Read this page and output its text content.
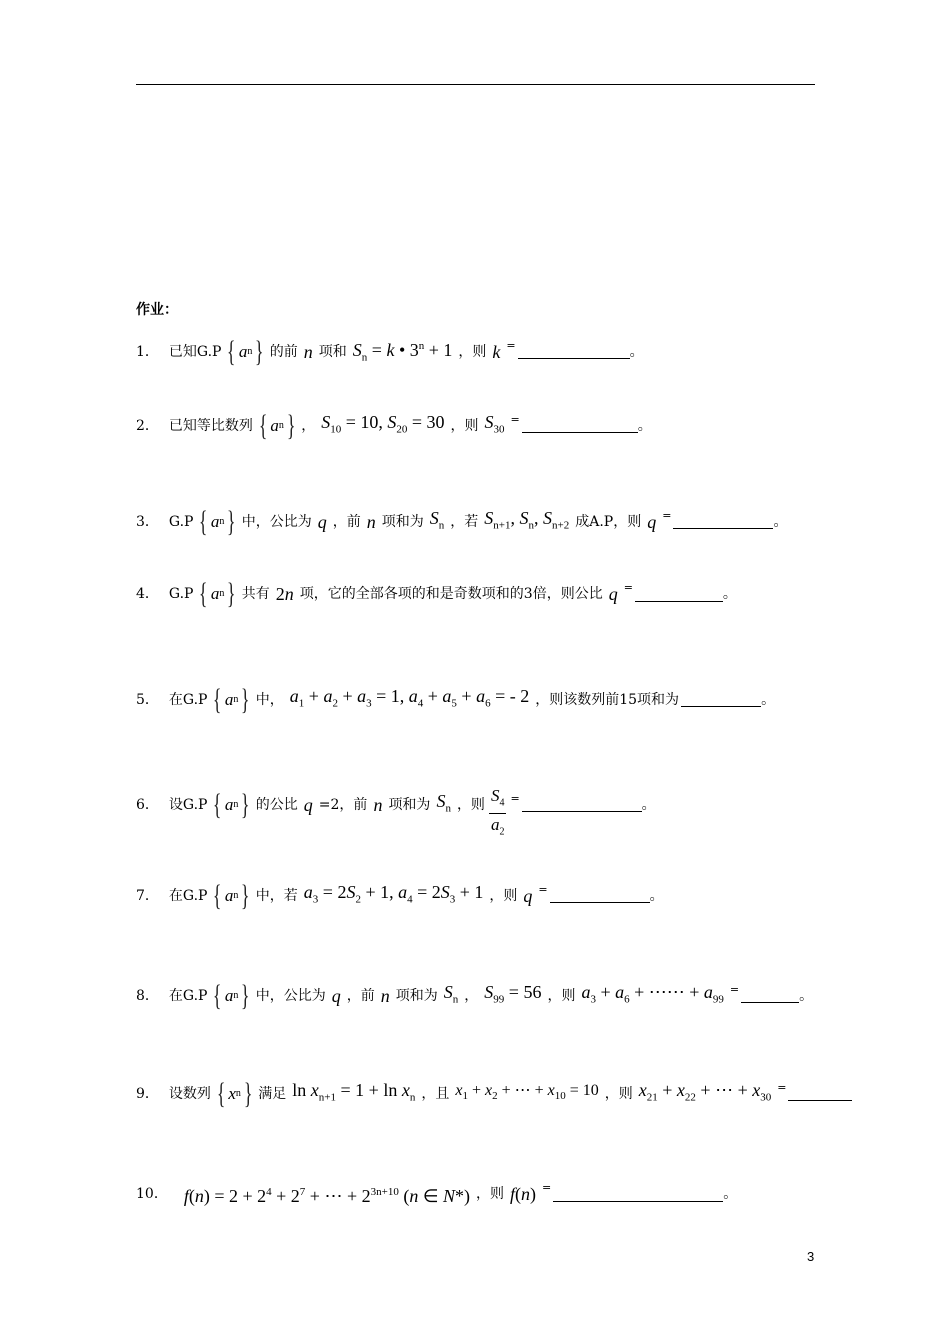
作业：
1． 已知G.P { a n } 的前 n 项和 $S_n = k$ • $3^n + 1$ ，则 k =	。
2． 已知等比数列 { a n } ， $S_{10} = 10$, $S_{20} = 30$ ，则 $S_{30}$
=	。
3． G.P { a n } 中，公比为 q ，前 n 项和为 $S_n$ ，若 $S_{n+1}$, $S_n$, $S_{n+2}$ 成A.P，则 q =	。
4． G.P { a n } 共有 2n 项，它的全部各项的和是奇数项和的3倍，则公比 q =	。
5． 在G.P { a n } 中， $a_1 + a_2 + a_3 = 1$, $a_4 + a_5 + a_6$ = - 2 ，则该数列前15项和为	。
6． 设G.P { a n } 的公比 q =2，前 n 项和为 $S_n$ ，则 $\frac{S_4}{a_2}$ =	。
7． 在G.P { a n } 中，若 $a_3 = 2S_2 + 1$, $a_4 = 2S_3 + 1$ ，则 q =	。
8． 在G.P { a n } 中，公比为 q ，前 n 项和为 $S_n$ ， $S_{99} = 56$ ，则 $a_3 + a_6$ + ⋯⋯ + $a_{99}$
=	。
9． 设数列 { x n } 满足 $\ln x_{n+1} = 1 + \ln x_n$ ，且 $x_1 + x_2$ + ⋯ + $x_{10} = 10$ ，则 $x_{21} + x_{22}$ + ⋯ + $x_{30}$
=
10． $f(n) = 2 + 2^4 + 2^7$ + ⋯ + $2^{3n+10}$ (n ∈ N*) ，则 f(n) =	。
3
